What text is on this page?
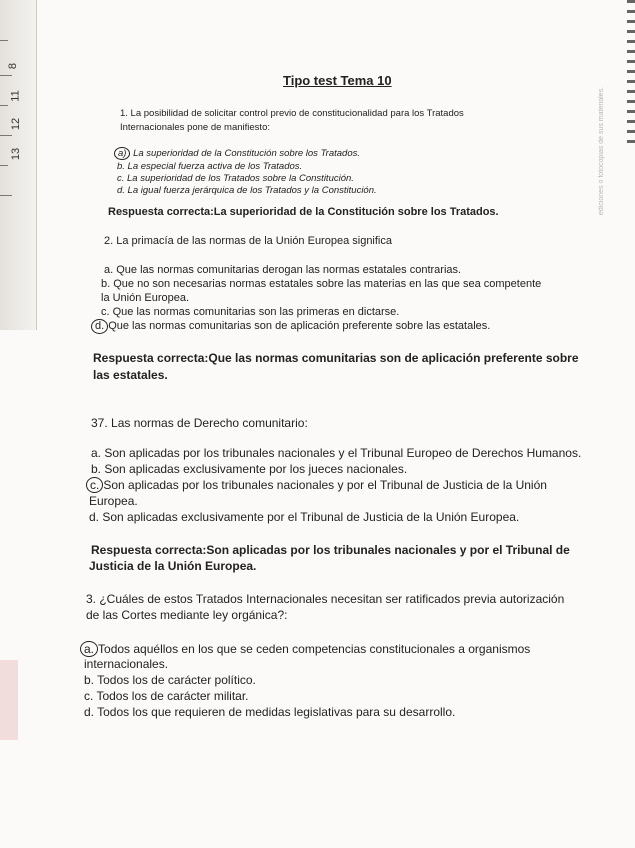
8
11
12
13	ediciones o fotocopias de sus materiales.
Tipo test Tema 10
1. La posibilidad de solicitar control previo de constitucionalidad para los Tratados
Internacionales pone de manifiesto:
a) La superioridad de la Constitución sobre los Tratados.
b. La especial fuerza activa de los Tratados.
c. La superioridad de los Tratados sobre la Constitución.
d. La igual fuerza jerárquica de los Tratados y la Constitución.
Respuesta correcta:La superioridad de la Constitución sobre los Tratados.
2. La primacía de las normas de la Unión Europea significa
a. Que las normas comunitarias derogan las normas estatales contrarias.
b. Que no son necesarias normas estatales sobre las materias en las que sea competente
la Unión Europea.
c. Que las normas comunitarias son las primeras en dictarse.
d. Que las normas comunitarias son de aplicación preferente sobre las estatales.
Respuesta correcta:Que las normas comunitarias son de aplicación preferente sobre
las estatales.
37. Las normas de Derecho comunitario:
a. Son aplicadas por los tribunales nacionales y el Tribunal Europeo de Derechos Humanos.
b. Son aplicadas exclusivamente por los jueces nacionales.
c. Son aplicadas por los tribunales nacionales y por el Tribunal de Justicia de la Unión
Europea.
d. Son aplicadas exclusivamente por el Tribunal de Justicia de la Unión Europea.
Respuesta correcta:Son aplicadas por los tribunales nacionales y por el Tribunal de
Justicia de la Unión Europea.
3. ¿Cuáles de estos Tratados Internacionales necesitan ser ratificados previa autorización
de las Cortes mediante ley orgánica?:
a. Todos aquéllos en los que se ceden competencias constitucionales a organismos
internacionales.
b. Todos los de carácter político.
c. Todos los de carácter militar.
d. Todos los que requieren de medidas legislativas para su desarrollo.
